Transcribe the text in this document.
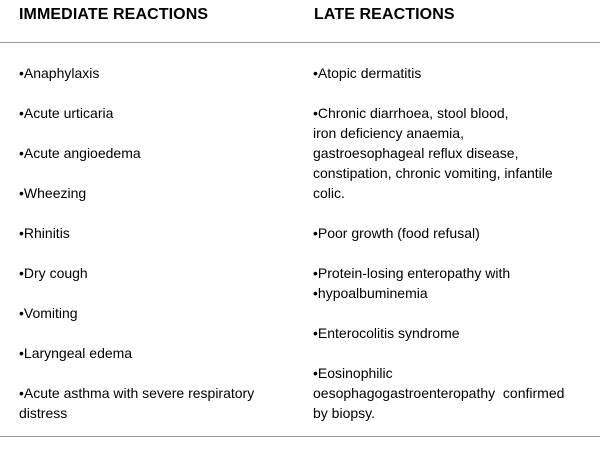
IMMEDIATE REACTIONS	LATE REACTIONS
•Anaphylaxis
•Acute urticaria
•Acute angioedema
•Wheezing
•Rhinitis
•Dry cough
•Vomiting
•Laryngeal edema
•Acute asthma with severe respiratory
distress
•Atopic dermatitis
•Chronic diarrhoea, stool blood,
iron deficiency anaemia,
gastroesophageal reflux disease,
constipation, chronic vomiting, infantile
colic.
•Poor growth (food refusal)
•Protein-losing enteropathy with
•hypoalbuminemia
•Enterocolitis syndrome
•Eosinophilic
oesophagogastroenteropathy  confirmed
by biopsy.
